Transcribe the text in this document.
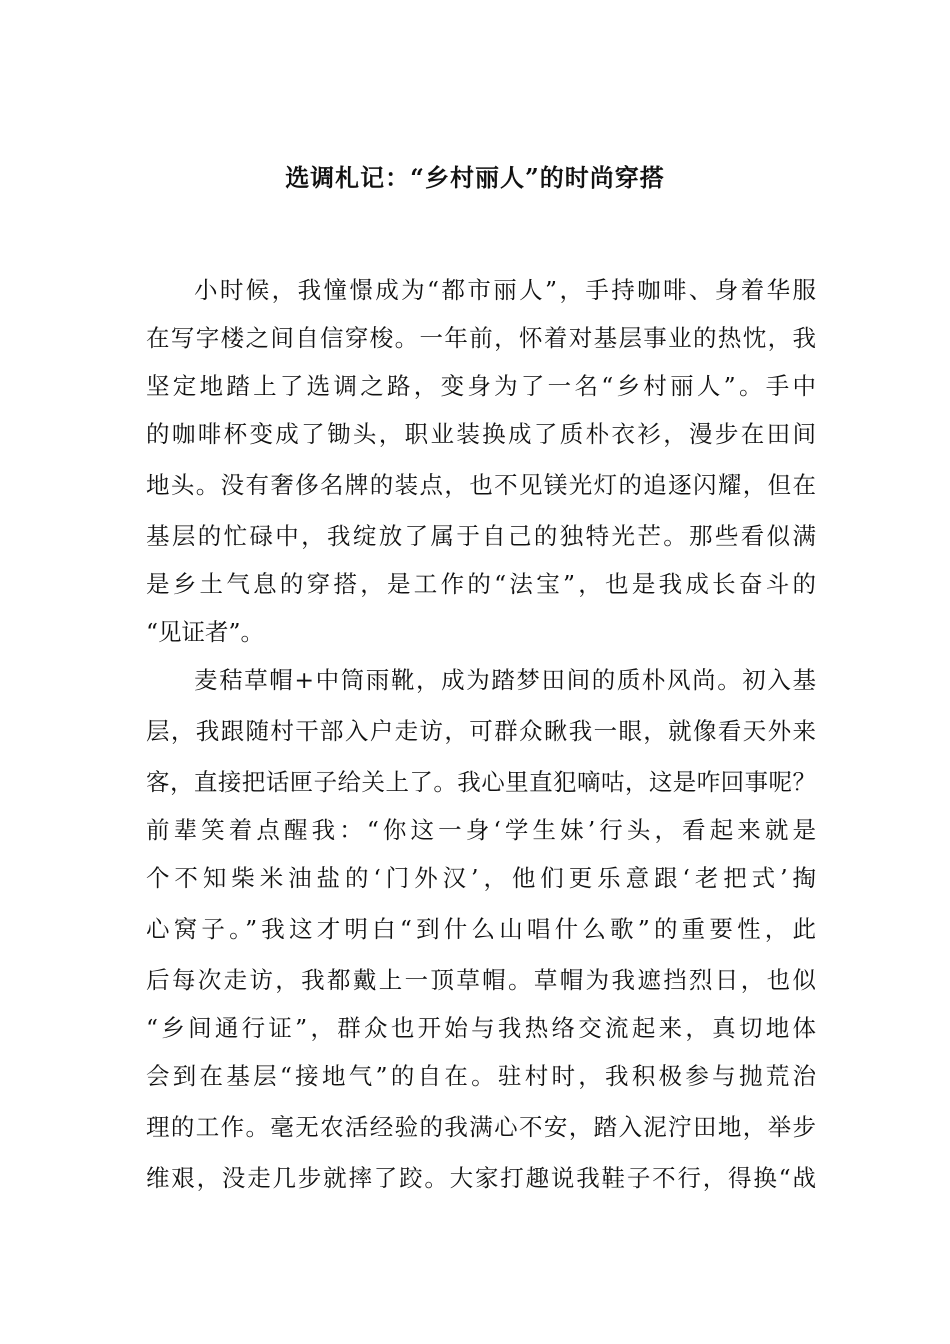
选调札记：“乡村丽人”的时尚穿搭
小时候，我憧憬成为“都市丽人”，手持咖啡、身着华服
在写字楼之间自信穿梭。一年前，怀着对基层事业的热忱，我
坚定地踏上了选调之路，变身为了一名“乡村丽人”。手中
的咖啡杯变成了锄头，职业装换成了质朴衣衫，漫步在田间
地头。没有奢侈名牌的装点，也不见镁光灯的追逐闪耀，但在
基层的忙碌中，我绽放了属于自己的独特光芒。那些看似满
是乡土气息的穿搭，是工作的“法宝”，也是我成长奋斗的
“见证者”。
麦秸草帽+中筒雨靴，成为踏梦田间的质朴风尚。初入基
层，我跟随村干部入户走访，可群众瞅我一眼，就像看天外来
客，直接把话匣子给关上了。我心里直犯嘀咕，这是咋回事呢？
前辈笑着点醒我：“你这一身‘学生妹’行头，看起来就是
个不知柴米油盐的‘门外汉’，他们更乐意跟‘老把式’掏
心窝子。”我这才明白“到什么山唱什么歌”的重要性，此
后每次走访，我都戴上一顶草帽。草帽为我遮挡烈日，也似
“乡间通行证”，群众也开始与我热络交流起来，真切地体
会到在基层“接地气”的自在。驻村时，我积极参与抛荒治
理的工作。毫无农活经验的我满心不安，踏入泥泞田地，举步
维艰，没走几步就摔了跤。大家打趣说我鞋子不行，得换“战
